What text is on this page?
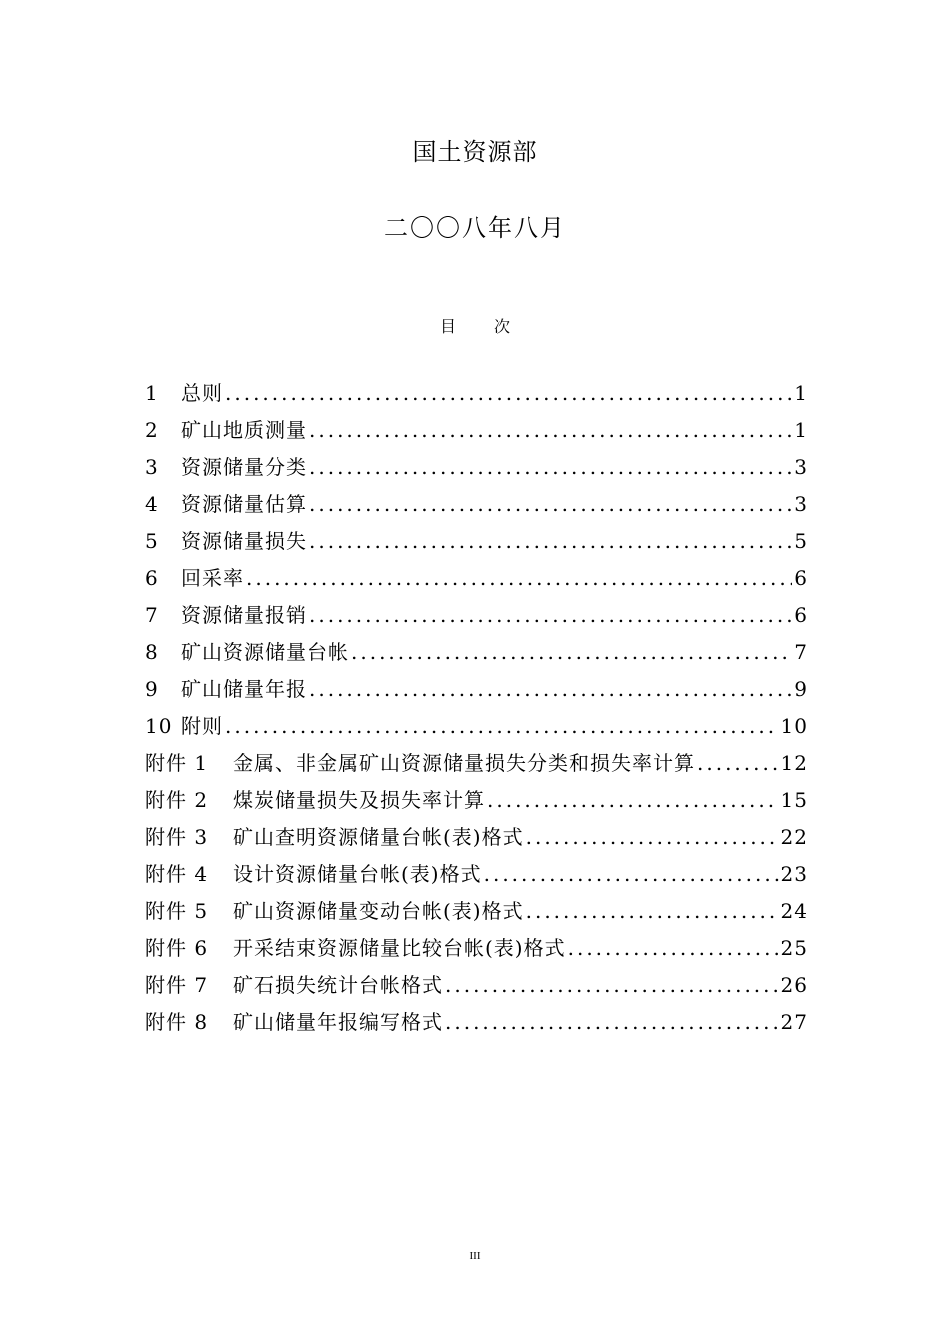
国土资源部
二〇〇八年八月
目 次
1	总则 .....	1
2	矿山地质测量 .....	1
3	资源储量分类 .....	3
4	资源储量估算 .....	3
5	资源储量损失 .....	5
6	回采率 .....	6
7	资源储量报销 .....	6
8	矿山资源储量台帐 .....	7
9	矿山储量年报 .....	9
10 附则 .....	10
附件 1	金属、非金属矿山资源储量损失分类和损失率计算 .....	12
附件 2	煤炭储量损失及损失率计算 .....	15
附件 3	矿山查明资源储量台帐(表)格式 .....	22
附件 4	设计资源储量台帐(表)格式 .....	23
附件 5	矿山资源储量变动台帐(表)格式 .....	24
附件 6	开采结束资源储量比较台帐(表)格式 .....	25
附件 7	矿石损失统计台帐格式 .....	26
附件 8	矿山储量年报编写格式 .....	27
III
